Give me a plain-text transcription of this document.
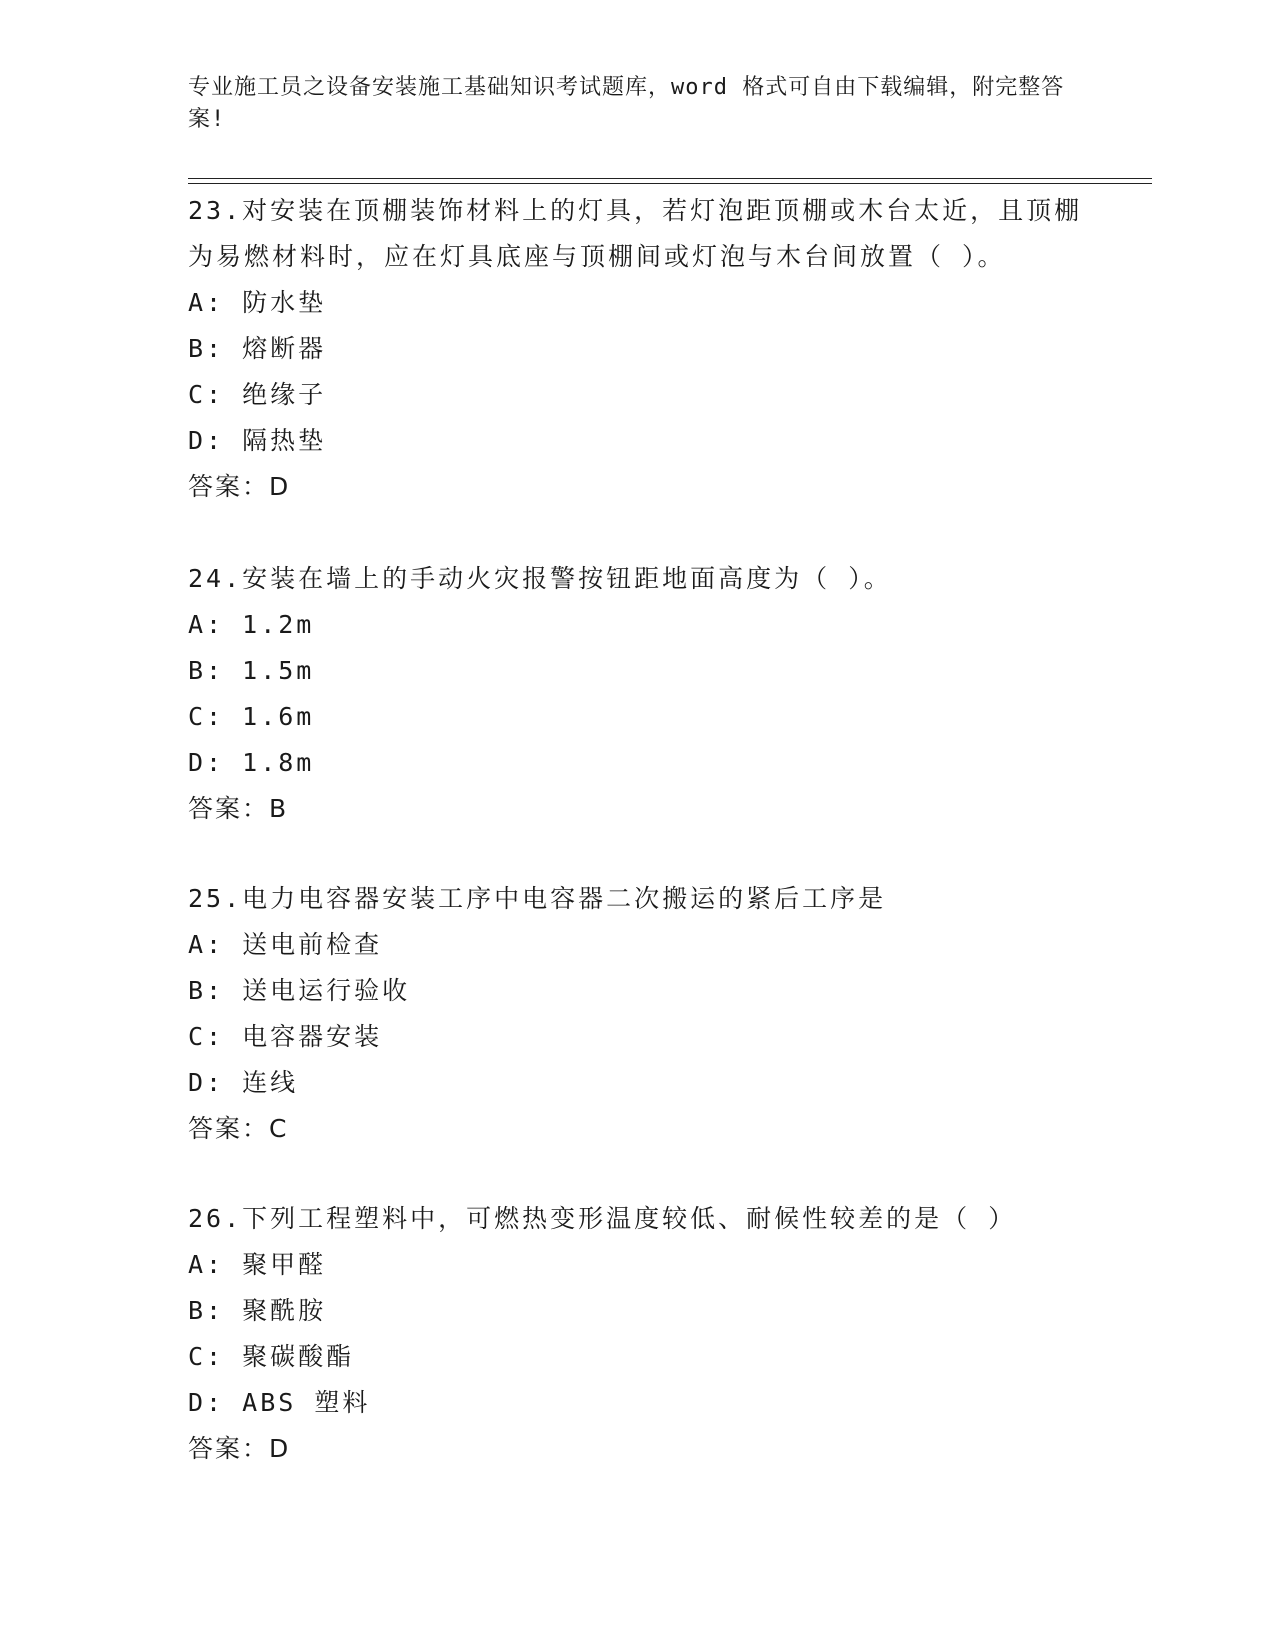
专业施工员之设备安装施工基础知识考试题库，word 格式可自由下载编辑，附完整答案!
23.对安装在顶棚装饰材料上的灯具，若灯泡距顶棚或木台太近，且顶棚为易燃材料时，应在灯具底座与顶棚间或灯泡与木台间放置（ ）。
A: 防水垫
B: 熔断器
C: 绝缘子
D: 隔热垫
答案：D
24.安装在墙上的手动火灾报警按钮距地面高度为（ ）。
A: 1.2m
B: 1.5m
C: 1.6m
D: 1.8m
答案：B
25.电力电容器安装工序中电容器二次搬运的紧后工序是
A: 送电前检查
B: 送电运行验收
C: 电容器安装
D: 连线
答案：C
26.下列工程塑料中，可燃热变形温度较低、耐候性较差的是（ ）
A: 聚甲醛
B: 聚酰胺
C: 聚碳酸酯
D: ABS 塑料
答案：D
